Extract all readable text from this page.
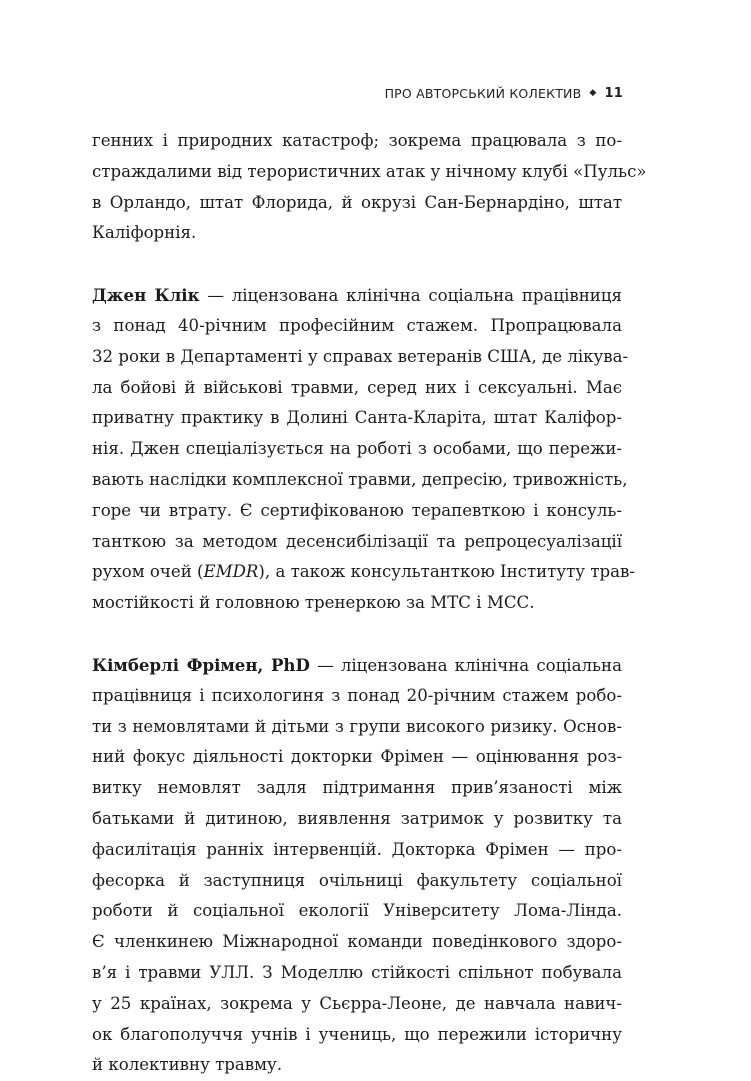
ПРО АВТОРСЬКИЙ КОЛЕКТИВ ◆ 11
генних і природних катастроф; зокрема працювала з по-
страждалими від терористичних атак у нічному клубі «Пульс»
в Орландо, штат Флорида, й окрузі Сан-Бернардіно, штат
Каліфорнія.
Джен Клік — ліцензована клінічна соціальна працівниця
з понад 40-річним професійним стажем. Пропрацювала
32 роки в Департаменті у справах ветеранів США, де лікува-
ла бойові й військові травми, серед них і сексуальні. Має
приватну практику в Долині Санта-Кларіта, штат Каліфор-
нія. Джен спеціалізується на роботі з особами, що пережи-
вають наслідки комплексної травми, депресію, тривожність,
горе чи втрату. Є сертифікованою терапевткою і консуль-
танткою за методом десенсибілізації та репроцесуалізації
рухом очей (EMDR), а також консультанткою Інституту трав-
мостійкості й головною тренеркою за МТС і МСС.
Кімберлі Фрімен, PhD — ліцензована клінічна соціальна
працівниця і психологиня з понад 20-річним стажем робо-
ти з немовлятами й дітьми з групи високого ризику. Основ-
ний фокус діяльності докторки Фрімен — оцінювання роз-
витку немовлят задля підтримання прив’язаності між
батьками й дитиною, виявлення затримок у розвитку та
фасилітація ранніх інтервенцій. Докторка Фрімен — про-
фесорка й заступниця очільниці факультету соціальної
роботи й соціальної екології Університету Лома-Лінда.
Є членкинею Міжнародної команди поведінкового здоро-
в’я і травми УЛЛ. З Моделлю стійкості спільнот побувала
у 25 країнах, зокрема у Сьєрра-Леоне, де навчала навич-
ок благополуччя учнів і учениць, що пережили історичну
й колективну травму.
